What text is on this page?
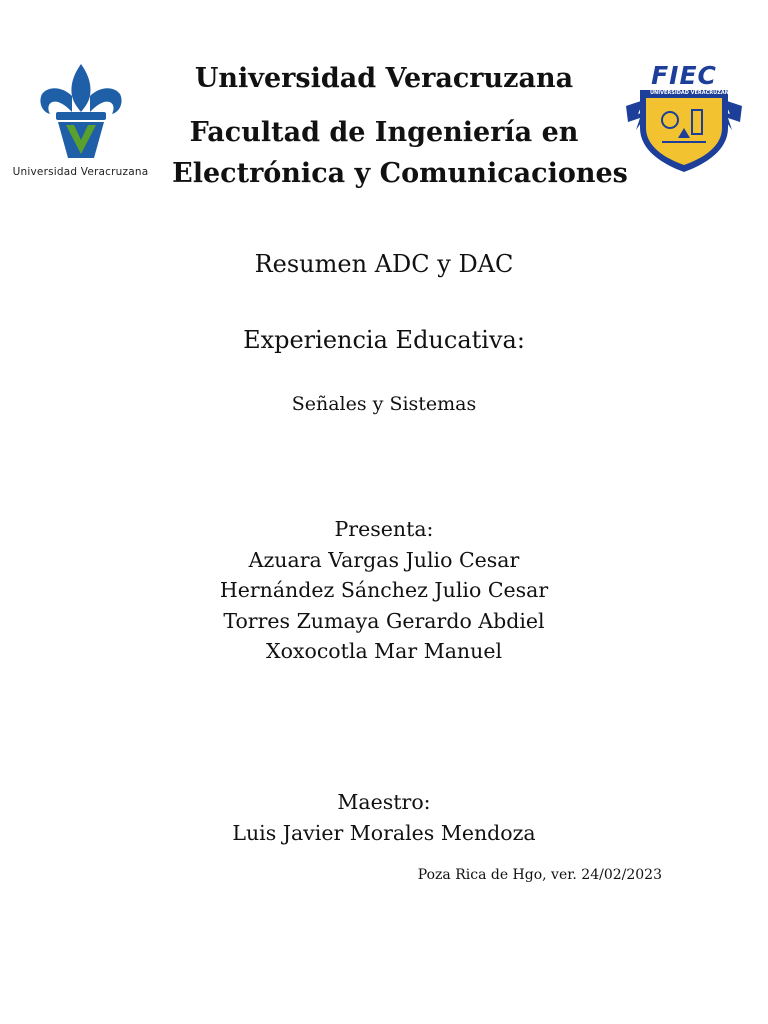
Universidad Veracruzana
FIEC
UNIVERSIDAD VERACRUZANA
Universidad Veracruzana
Facultad de Ingeniería en
Electrónica y Comunicaciones
Resumen ADC y DAC
Experiencia Educativa:
Señales y Sistemas
Presenta:
Azuara Vargas Julio Cesar
Hernández Sánchez Julio Cesar
Torres Zumaya Gerardo Abdiel
Xoxocotla Mar Manuel
Maestro:
Luis Javier Morales Mendoza
Poza Rica de Hgo, ver. 24/02/2023
